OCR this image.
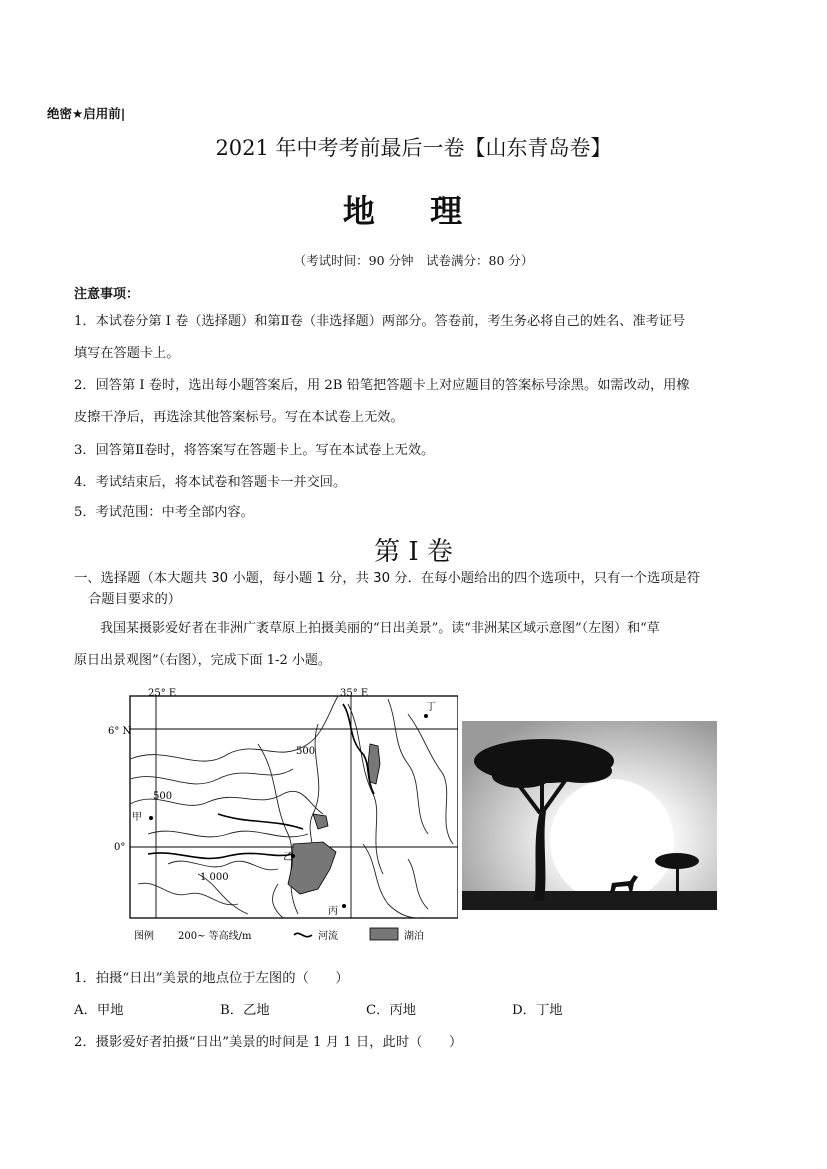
绝密★启用前|
2021 年中考考前最后一卷【山东青岛卷】
地 理
（考试时间：90 分钟　试卷满分：80 分）
注意事项：
1．本试卷分第 I 卷（选择题）和第Ⅱ卷（非选择题）两部分。答卷前，考生务必将自己的姓名、准考证号
填写在答题卡上。
2．回答第 I 卷时，选出每小题答案后，用 2B 铅笔把答题卡上对应题目的答案标号涂黑。如需改动，用橡
皮擦干净后，再选涂其他答案标号。写在本试卷上无效。
3．回答第Ⅱ卷时，将答案写在答题卡上。写在本试卷上无效。
4．考试结束后，将本试卷和答题卡一并交回。
5．考试范围：中考全部内容。
第 I 卷
一、选择题（本大题共 30 小题，每小题 1 分，共 30 分．在每小题给出的四个选项中，只有一个选项是符
合题目要求的）
我国某摄影爱好者在非洲广袤草原上拍摄美丽的“日出美景”。读“非洲某区域示意图”（左图）和“草
原日出景观图”（右图），完成下面 1-2 小题。
25° E	35° E
6° N
0°
甲
乙
丙
丁
500
1 000
500
图例 200~ 等高线/m	河流	湖泊
1．拍摄“日出”美景的地点位于左图的（　　）
A．甲地	B．乙地	C．丙地	D．丁地
2．摄影爱好者拍摄“日出”美景的时间是 1 月 1 日，此时（　　）
